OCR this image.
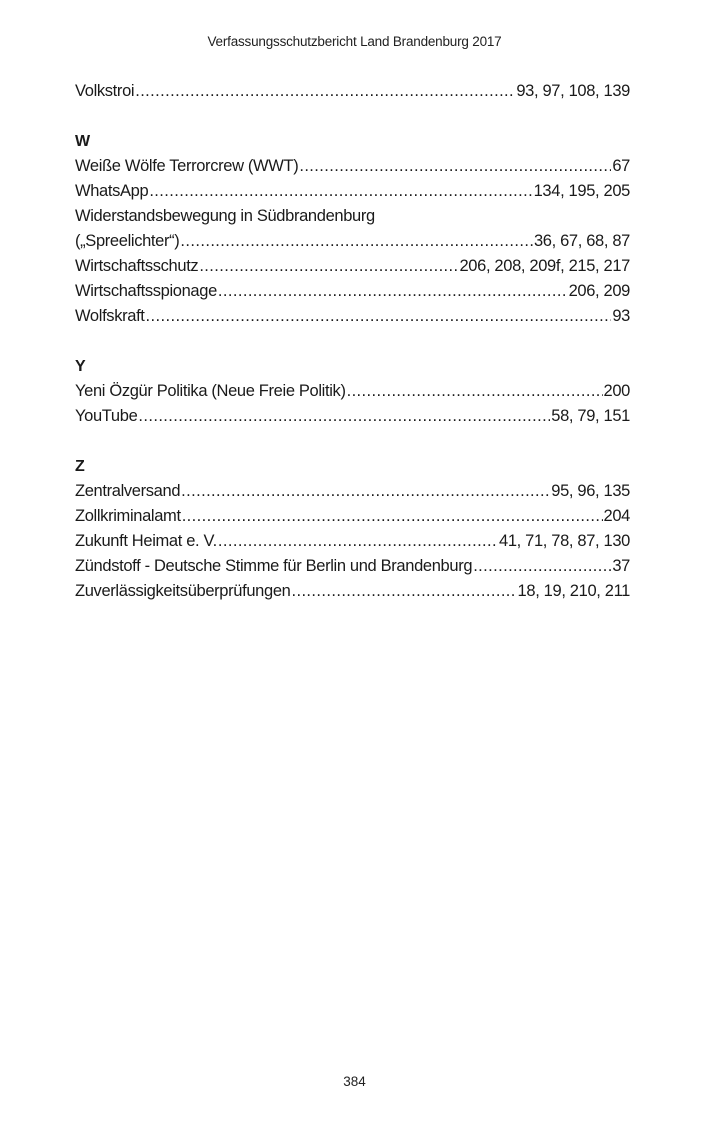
Verfassungsschutzbericht Land Brandenburg 2017
Volkstroi .....	93, 97, 108, 139
W
Weiße Wölfe Terrorcrew (WWT) .....	67
WhatsApp .....	134, 195, 205
Widerstandsbewegung in Südbrandenburg
(„Spreelichter“) .....	36, 67, 68, 87
Wirtschaftsschutz .....	206, 208, 209f, 215, 217
Wirtschaftsspionage .....	206, 209
Wolfskraft .....	93
Y
Yeni Özgür Politika (Neue Freie Politik) .....	200
YouTube .....	58, 79, 151
Z
Zentralversand .....	95, 96, 135
Zollkriminalamt .....	204
Zukunft Heimat e. V. .....	41, 71, 78, 87, 130
Zündstoff - Deutsche Stimme für Berlin und Brandenburg .....	37
Zuverlässigkeitsüberprüfungen .....	18, 19, 210, 211
384
